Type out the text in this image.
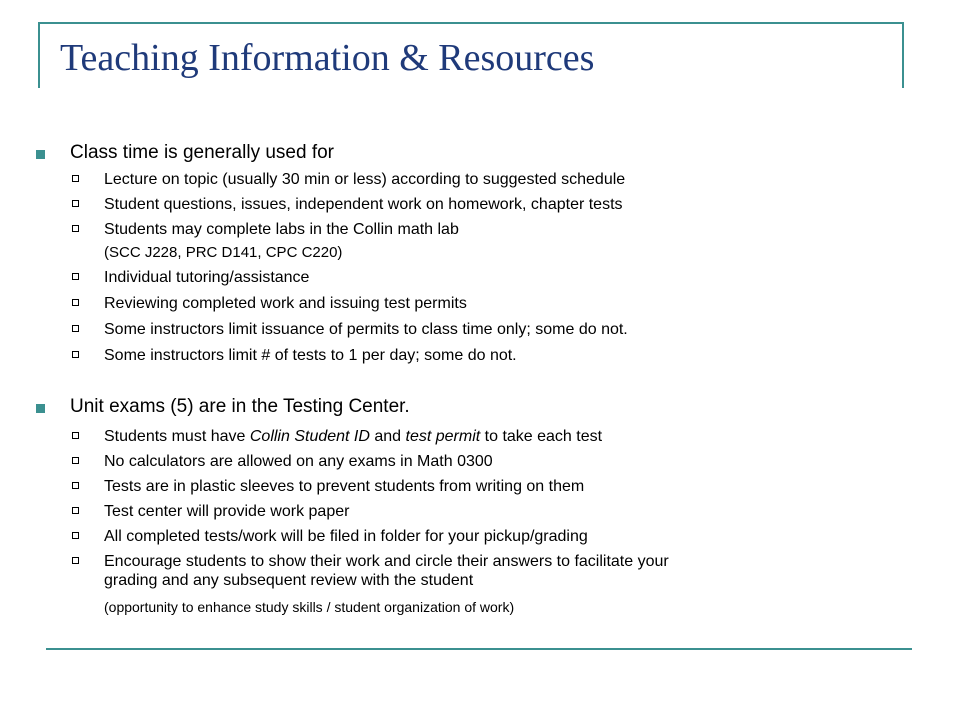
Teaching Information & Resources
Class time is generally used for
Lecture on topic (usually 30 min or less) according to suggested schedule
Student questions, issues, independent work on homework, chapter tests
Students may complete labs in the Collin math lab
(SCC J228, PRC D141, CPC C220)
Individual tutoring/assistance
Reviewing completed work and issuing test permits
Some instructors limit issuance of permits to class time only; some do not.
Some instructors limit # of tests to 1 per day; some do not.
Unit exams (5) are in the Testing Center.
Students must have Collin Student ID and test permit to take each test
No calculators are allowed on any exams in Math 0300
Tests are in plastic sleeves to prevent students from writing on them
Test center will provide work paper
All completed tests/work will be filed in folder for your pickup/grading
Encourage students to show their work and circle their answers to facilitate your
grading and any subsequent review with the student
(opportunity to enhance study skills / student organization of work)
